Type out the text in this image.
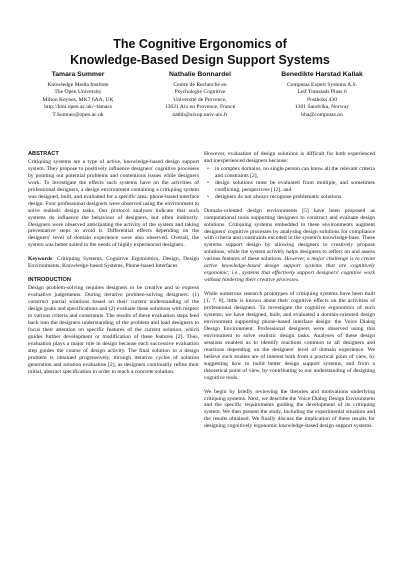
The Cognitive Ergonomics of
Knowledge-Based Design Support Systems
Tamara Summer
Knowledge Media Institute
The Open University
Milton Keynes, MK7 6AA, UK
http://kmi.open.ac.uk/~tamara
T.Sumner@open.ac.uk
Nathalie Bonnardel
Centre de Recherche en
Psychologie Cognitive
Université de Provence,
13621 Aix en Provence, France
nathb@aixup.univ-aix.fr
Benedikte Harstad Kallak
Computas Expert Systems A.S.
Leif Transtads Plass 6
Postboks 430
1301 Sandvika, Norway
bha@computas.no
ABSTRACT
Critiquing systems are a type of active, knowledge-based design support system. They propose to positively influence designers' cognitive processes by pointing out potential problems and contentious issues while designers work. To investigate the effects such systems have on the activities of professional designers, a design environment containing a critiquing system was designed, built, and evaluated for a specific area: phone-based interface design. Four professional designers were observed using the environment to solve realistic design tasks. Our protocol analyses indicate that such systems do influence the behaviour of designers, but often indirectly. Designers were observed anticipating the activity of the system and taking preventative steps to avoid it. Differential effects depending on the designers' level of domain experience were also observed. Overall, the system was better suited to the needs of highly experienced designers.
Keywords: Critiquing Systems, Cognitive Ergonomics, Design, Design Environments, Knowledge-based Systems, Phone-based Interfaces
INTRODUCTION
Design problem-solving requires designers to be creative and to express evaluative judgements. During iterative problem-solving designers: (1) construct partial solutions based on their current understanding of the design goals and specifications and (2) evaluate these solutions with respect to various criteria and constraints. The results of these evaluation steps feed back into the designers understanding of the problem and lead designers to focus their attention on specific features of the current solution, which guides further development or modification of these features [2]. Thus, evaluation plays a major role in design because each successive evaluation step guides the course of design activity. The final solution to a design problem is obtained progressively, through iterative cycles of solution generation and solution evaluation [2], as designers continually refine their initial, abstract specification in order to reach a concrete solution.
However, evaluation of design solutions is difficult for both experienced and inexperienced designers because:
• in complex domains, no single person can know all the relevant criteria and constraints [2],
• design solutions must be evaluated from multiple, and sometimes conflicting, perspectives [12], and
• designers do not always recognise problematic solutions.
Domain-oriented design environments [5] have been proposed as computational tools supporting designers to construct and evaluate design solutions. Critiquing systems embedded in these environments augment designers' cognitive processes by analysing design solutions for compliance with criteria and constraints encoded in the system's knowledge-base. These systems support design by allowing designers to creatively propose solutions, while the system actively helps designers to reflect on and assess various features of these solutions. However, a major challenge is to create active knowledge-based design support systems that are cognitively ergonomic; i.e., systems that effectively support designers' cognitive work without hindering their creative processes.
While numerous research prototypes of critiquing systems have been built [1, 7, 8], little is known about their cognitive effects on the activities of professional designers. To investigate the cognitive ergonomics of such systems, we have designed, built, and evaluated a domain-oriented design environment supporting phone-based interface design: the Voice Dialog Design Environment. Professional designers were observed using this environment to solve realistic design tasks. Analyses of these design sessions enabled us to identify reactions common to all designers and reactions depending on the designers' level of domain experience. We believe such studies are of interest both from a practical point of view, by suggesting how to build better design support systems, and from a theoretical point of view, by contributing to our understanding of designing cognitive tools.
We begin by briefly reviewing the theories and motivations underlying critiquing systems. Next, we describe the Voice Dialog Design Environment and the specific requirements guiding the development of its critiquing system. We then present the study, including the experimental situation and the results obtained. We finally discuss the implication of these results for designing cognitively ergonomic knowledge-based design support systems.
